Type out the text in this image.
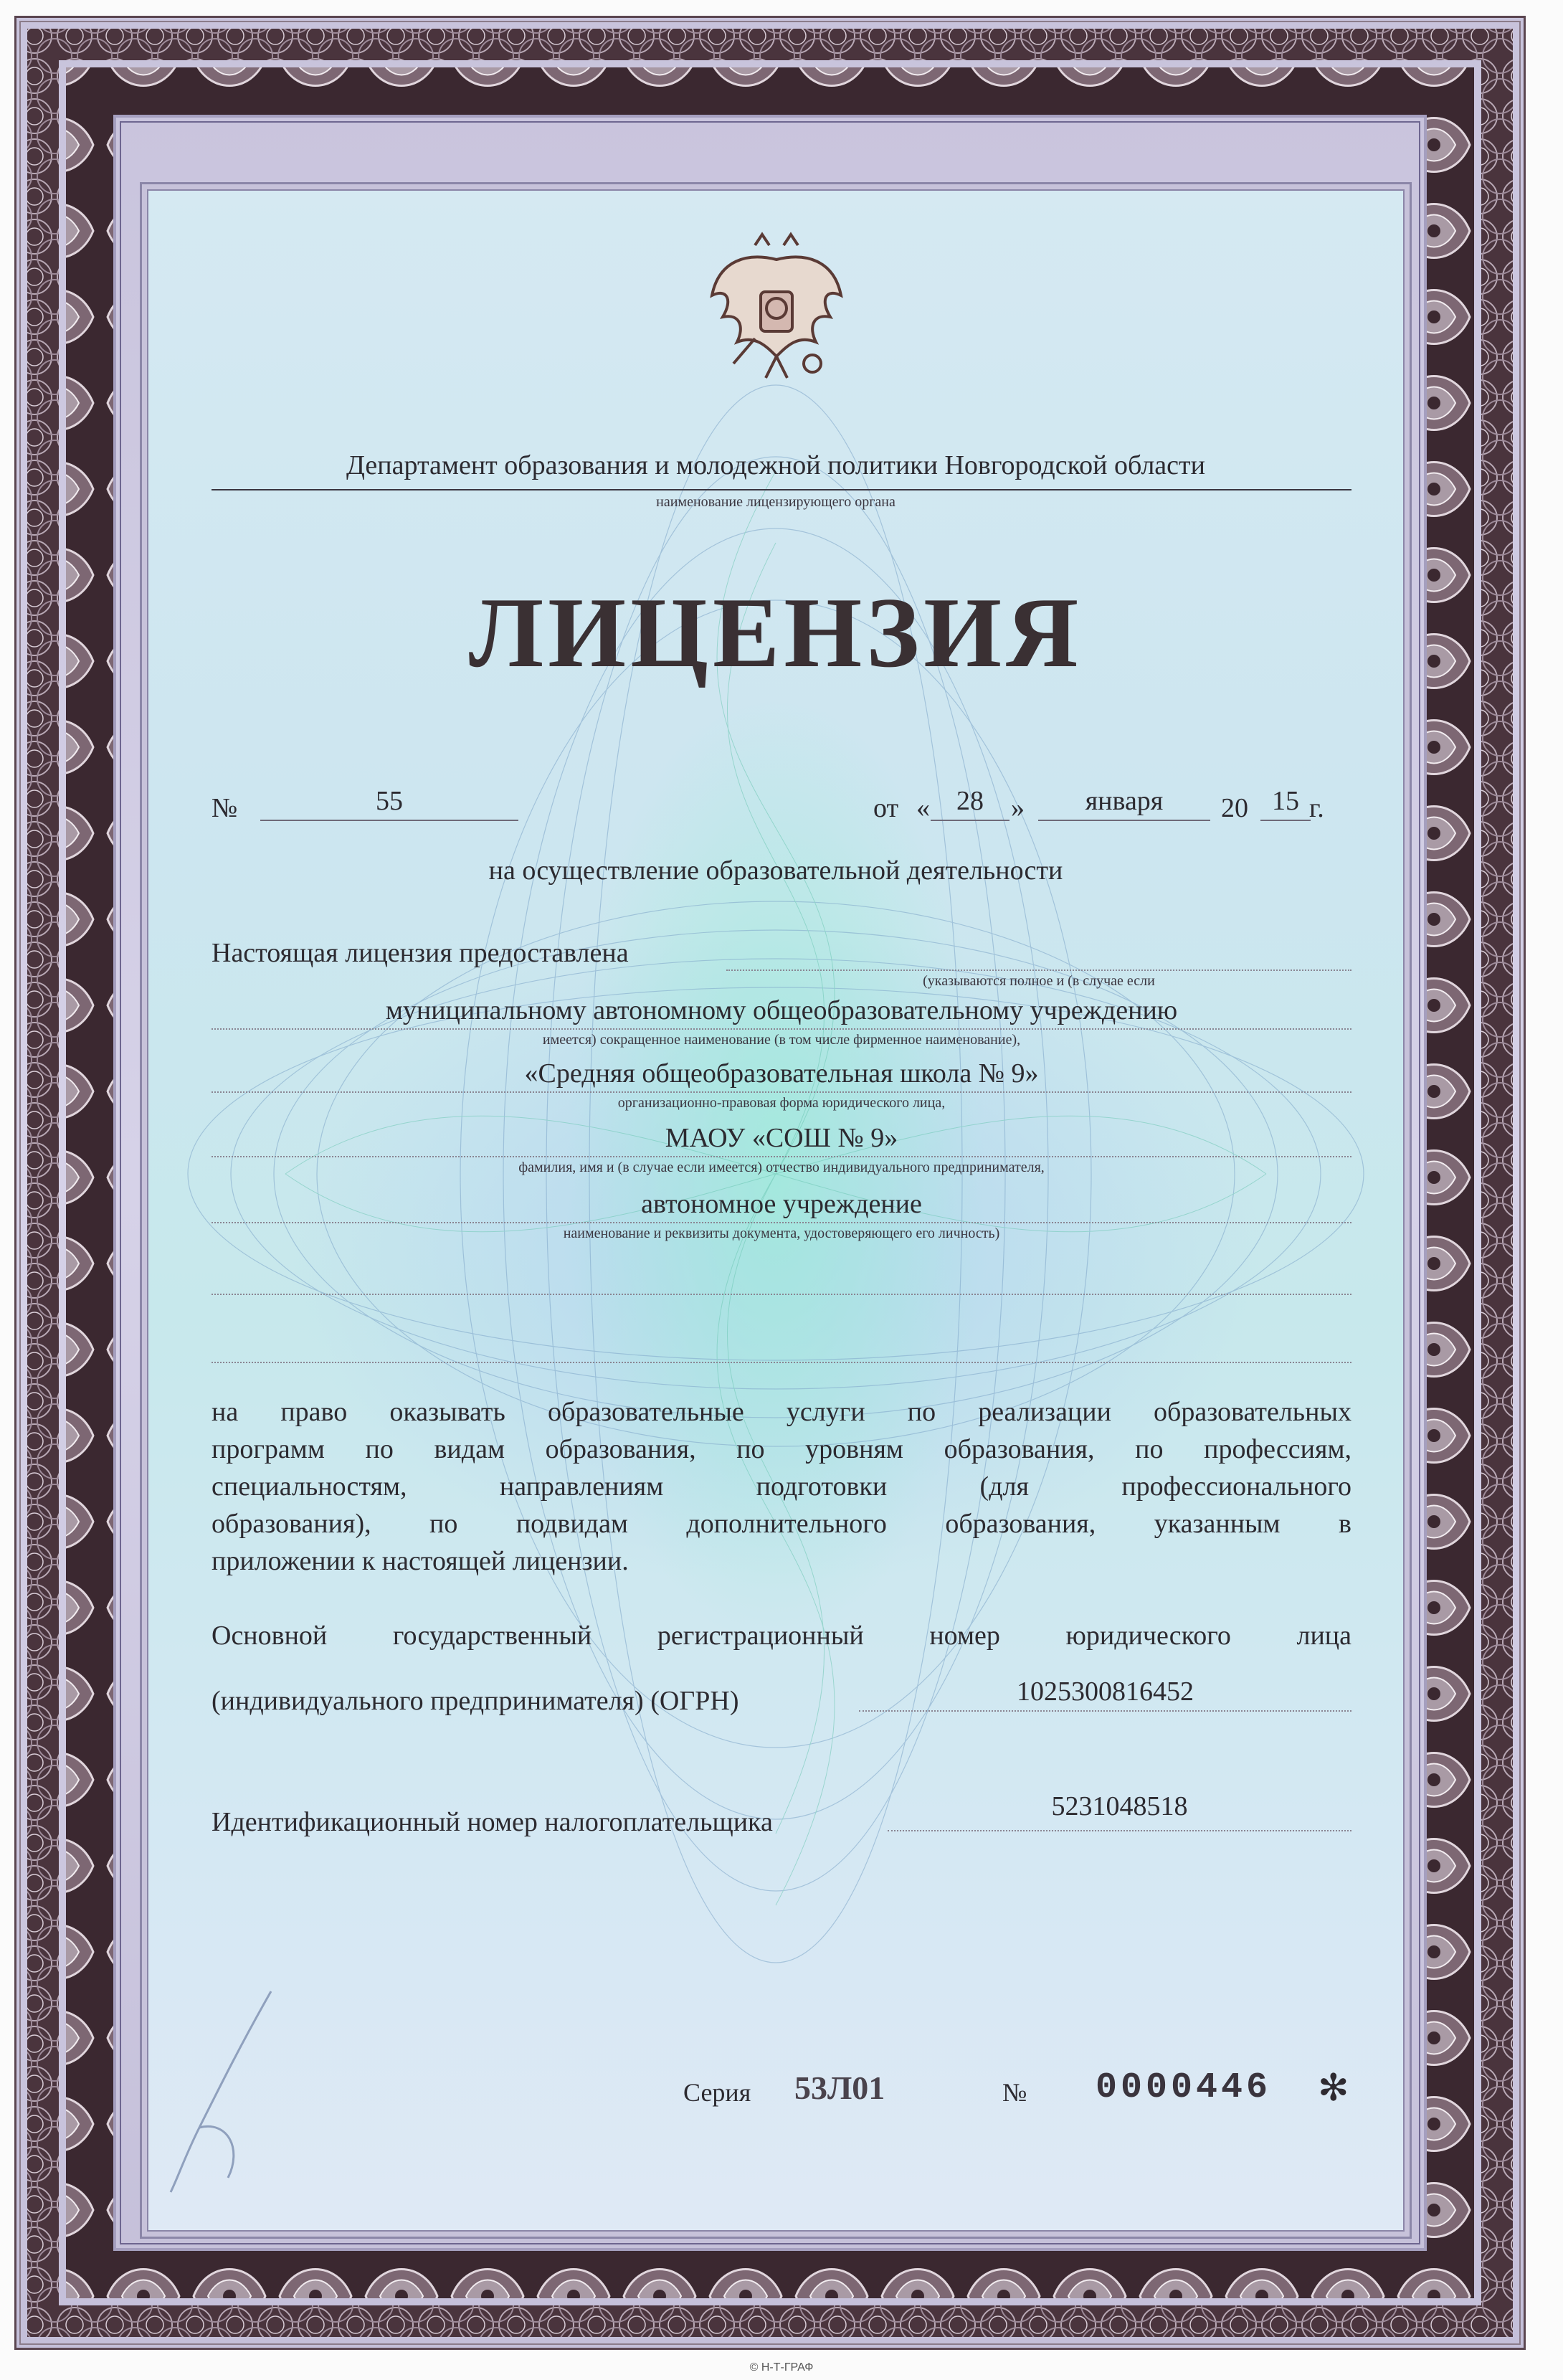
Департамент образования и молодежной политики Новгородской области
наименование лицензирующего органа
ЛИЦЕНЗИЯ
№	55	от « 28	»	января	20 15 г.
на осуществление образовательной деятельности
Настоящая лицензия предоставлена
(указываются полное и (в случае если
муниципальному автономному общеобразовательному учреждению
имеется) сокращенное наименование (в том числе фирменное наименование),
«Средняя общеобразовательная школа № 9»
организационно-правовая форма юридического лица,
МАОУ «СОШ № 9»
фамилия, имя и (в случае если имеется) отчество индивидуального предпринимателя,
автономное учреждение
наименование и реквизиты документа, удостоверяющего его личность)
на право оказывать образовательные услуги по реализации образовательных
программ по видам образования, по уровням образования, по профессиям,
специальностям, направлениям подготовки (для профессионального
образования), по подвидам дополнительного образования, указанным в
приложении к настоящей лицензии.
Основной государственный регистрационный номер юридического лица
(индивидуального предпринимателя) (ОГРН)	1025300816452
Идентификационный номер налогоплательщика
5231048518
Серия 53Л01	№ 0000446 ✻
© Н-Т-ГРАФ
